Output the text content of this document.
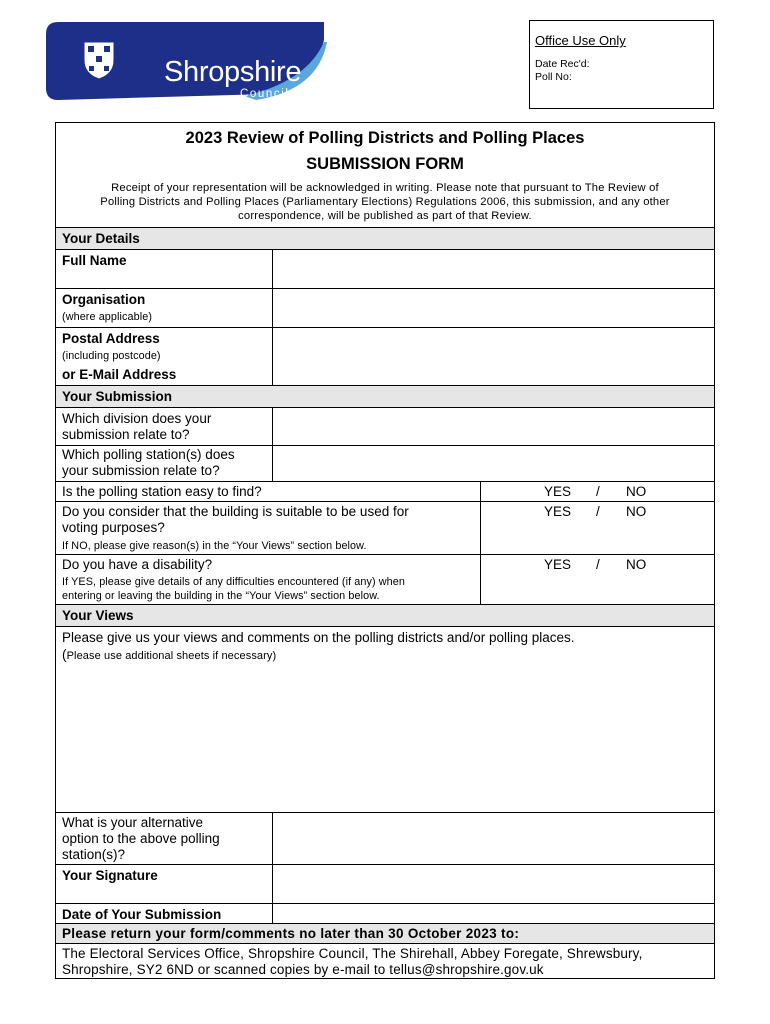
Shropshire
Council
Office Use Only
Date Rec'd:
Poll No:
2023 Review of Polling Districts and Polling Places
SUBMISSION FORM
Receipt of your representation will be acknowledged in writing. Please note that pursuant to The Review of
Polling Districts and Polling Places (Parliamentary Elections) Regulations 2006, this submission, and any other
correspondence, will be published as part of that Review.
Your Details
Full Name
Organisation
(where applicable)
Postal Address
(including postcode)
or E-Mail Address
Your Submission
Which division does your
submission relate to?
Which polling station(s) does
your submission relate to?
Is the polling station easy to find?	YES / NO
Do you consider that the building is suitable to be used for
voting purposes?
If NO, please give reason(s) in the “Your Views” section below.
YES / NO
Do you have a disability?
If YES, please give details of any difficulties encountered (if any) when
entering or leaving the building in the “Your Views” section below.
YES / NO
Your Views
Please give us your views and comments on the polling districts and/or polling places.
(Please use additional sheets if necessary)
What is your alternative
option to the above polling
station(s)?
Your Signature
Date of Your Submission
Please return your form/comments no later than 30 October 2023 to:
The Electoral Services Office, Shropshire Council, The Shirehall, Abbey Foregate, Shrewsbury,
Shropshire, SY2 6ND or scanned copies by e-mail to tellus@shropshire.gov.uk
